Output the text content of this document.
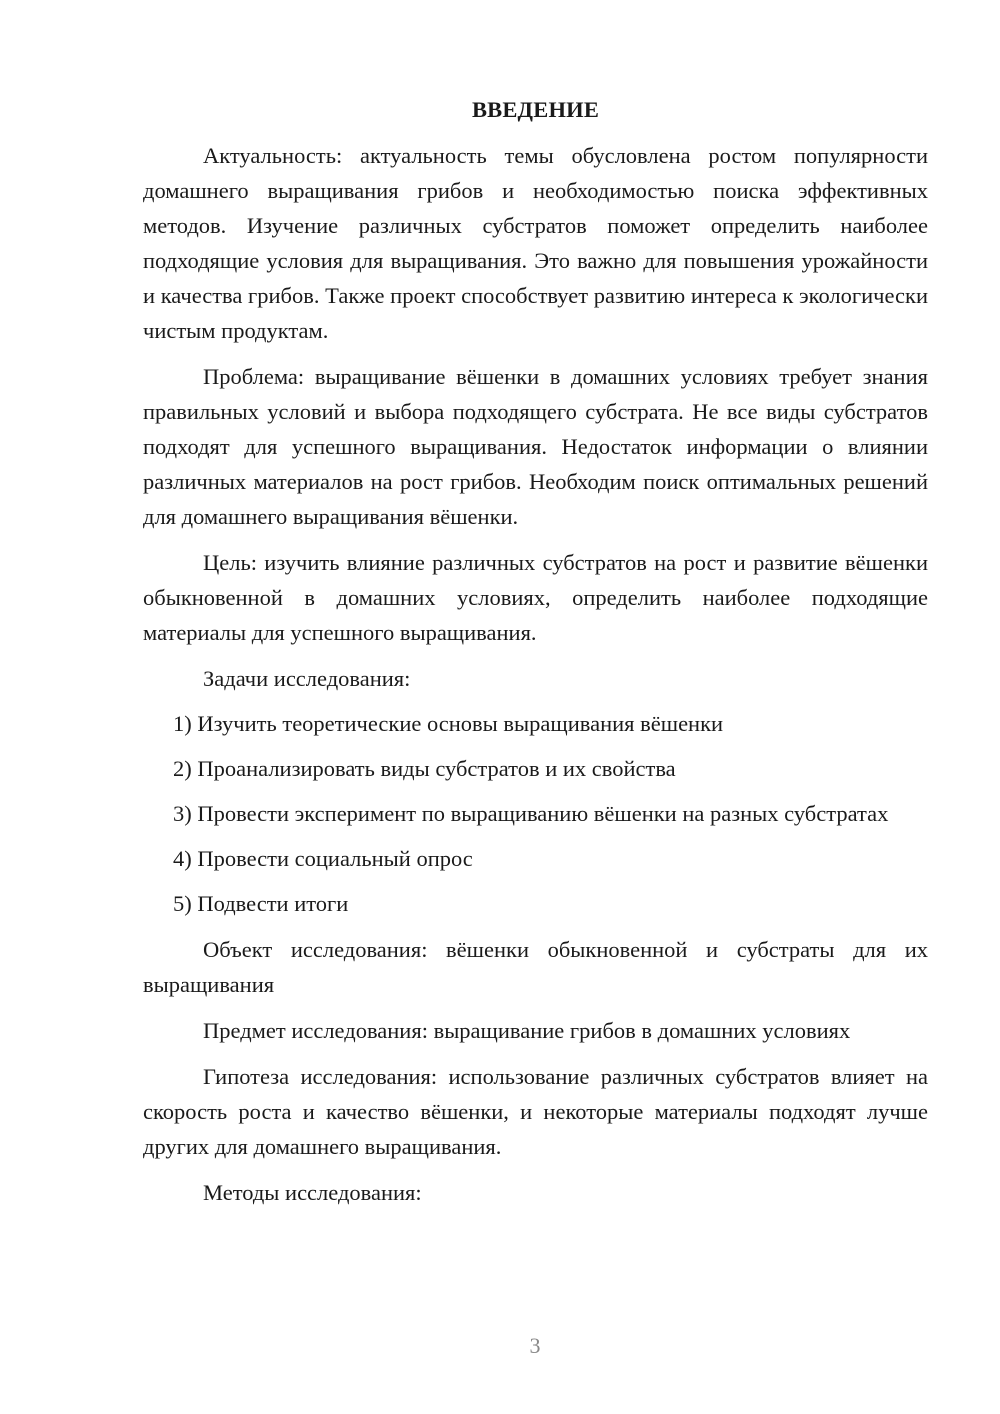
ВВЕДЕНИЕ

Актуальность: актуальность темы обусловлена ростом популярности домашнего выращивания грибов и необходимостью поиска эффективных методов. Изучение различных субстратов поможет определить наиболее подходящие условия для выращивания. Это важно для повышения урожайности и качества грибов. Также проект способствует развитию интереса к экологически чистым продуктам.

Проблема: выращивание вёшенки в домашних условиях требует знания правильных условий и выбора подходящего субстрата. Не все виды субстратов подходят для успешного выращивания. Недостаток информации о влиянии различных материалов на рост грибов. Необходим поиск оптимальных решений для домашнего выращивания вёшенки.

Цель: изучить влияние различных субстратов на рост и развитие вёшенки обыкновенной в домашних условиях, определить наиболее подходящие материалы для успешного выращивания.

Задачи исследования:

1) Изучить теоретические основы выращивания вёшенки

2) Проанализировать виды субстратов и их свойства

3) Провести эксперимент по выращиванию вёшенки на разных субстратах

4) Провести социальный опрос

5) Подвести итоги

Объект исследования: вёшенки обыкновенной и субстраты для их выращивания

Предмет исследования: выращивание грибов в домашних условиях

Гипотеза исследования: использование различных субстратов влияет на скорость роста и качество вёшенки, и некоторые материалы подходят лучше других для домашнего выращивания.

Методы исследования:

3
